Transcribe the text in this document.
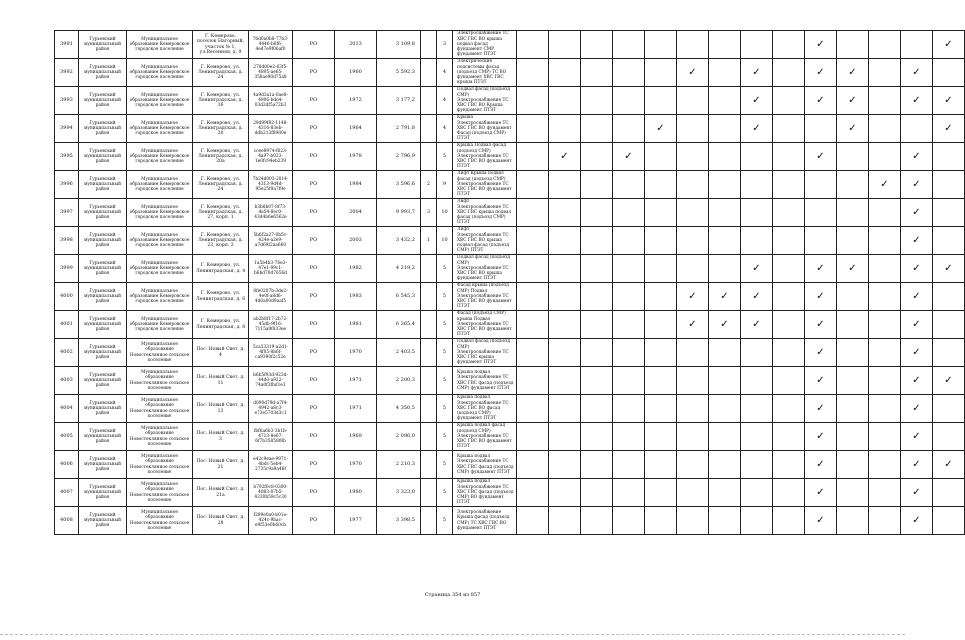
3991	Гурьевский муниципальный район	Муниципальное образование Кемеровское городское поселение	Г. Кемерово, поселок Нагорный, участок № 1, ул.Весенняя, д. 9	76d0a0b8-77b3-4446-b6f6-4ed7e9f06af0	РО	2013	3 109,8		3	Электроснабжение ТС ХВС ГВС ВО крыша подвал фасад фундамент СМР фундамент ПТЭТ										✓				✓
3992	Гурьевский муниципальный район	Муниципальное образование Кемеровское городское поселение	Г. Кемерово, ул. Ленинградская, д. 24	278d00e2-63f5-4895-ae65-358ae90d75a8	РО	1960	5 592,3		4	Электрические подсистемы фасад (подъезд СМР) ТС ВО фундамент ХВС ГВС крыша ПТЭТ						✓		✓		✓	✓		✓	
3993	Гурьевский муниципальный район	Муниципальное образование Кемеровское городское поселение	Г. Кемерово, ул. Ленинградская, д. 16	4a9d3a1a-0ae8-4906-bde4-03d2df5a72b3	РО	1972	3 177,2		4	Подвал фасад (подъезд СМР) Электроснабжение ТС ХВС ГВС ВО Крыша фундамент ПТЭТ								✓		✓	✓		✓	✓
3994	Гурьевский муниципальный район	Муниципальное образование Кемеровское городское поселение	Г. Кемерово, ул. Ленинградская, д. 30	29d99f82-1148-4316-83eb-ddb213f8980e	РО	1964	2 791,8		4	Крыша Электроснабжение ТС ХВС ГВС ВО фундамент Фасад (подъезд СМР) ПТЭТ					✓			✓			✓			✓
3995	Гурьевский муниципальный район	Муниципальное образование Кемеровское городское поселение	Г. Кемерово, ул. Ленинградская, д. 20а	ccee8974-f623-4a97-b023-1e0fc94eb239	РО	1978	2 796,9		5	Крыша Подвал фасад (подъезд СМР) Электроснабжение ТС ХВС ГВС ВО фундамент ПТЭТ		✓		✓						✓			✓	
3996	Гурьевский муниципальный район	Муниципальное образование Кемеровское городское поселение	Г. Кемерово, ул. Ленинградская, д. 24	7b24d003-2814-4313-9d4d-95e25f9a7f9e	РО	1984	3 596,6	2	9	Лифт Крыша подвал фасад (подъезд СМР) Электроснабжение ТС ХВС ГВС ВО фундамент ПТЭТ												✓	✓	
3997	Гурьевский муниципальный район	Муниципальное образование Кемеровское городское поселение	Г. Кемерово, ул. Ленинградская, д. 27, корп. 1	b3b8b07-8f73-4a54-8ec0-43d4b6e6562e	РО	2004	9 993,7	3	10	Лифт Электроснабжение ТС ХВС ГВС крыша подвал фасад (подъезд СМР) ПТЭТ													✓	
3998	Гурьевский муниципальный район	Муниципальное образование Кемеровское городское поселение	Г. Кемерово, ул. Ленинградская, д. 23, корп. 3	5b6f2a27-0b5c-424e-a2e9-a7d69f2aa660	РО	2003	3 432,2	1	10	Лифт Электроснабжение ТС ХВС ГВС ВО крыша подвал фасад (подъезд СМР) ПТЭТ													✓	
3999	Гурьевский муниципальный район	Муниципальное образование Кемеровское городское поселение	Г. Кемерово, ул. Ленинградская, д. 4	1a5b4b3-76e3-47e1-99c1-b6bd70d7656d	РО	1982	4 219,2		5	Подвал фасад (подъезд СМР) Электроснабжение ТС ХВС ГВС ВО крыша фундамент ПТЭТ								✓		✓	✓		✓	✓
4000	Гурьевский муниципальный район	Муниципальное образование Кемеровское городское поселение	Г. Кемерово, ул. Ленинградская, д. 6	0fe0207b-3de2-4e0f-a8d6-4d0a00d9aaf5	РО	1983	6 545,3		5	Фасад крыша (подъезд СМР) Подвал Электроснабжение ТС ХВС ГВС ВО фундамент ПТЭТ						✓	✓	✓		✓			✓	
4001	Гурьевский муниципальный район	Муниципальное образование Кемеровское городское поселение	Г. Кемерово, ул. Ленинградская, д. 8	ab2b8f17-2b72-45db-9f16-7115a9f833ee	РО	1981	6 365,4		5	Фасад (подъезд СМР) крыша Подвал Электроснабжение ТС ХВС ГВС ВО фундамент ПТЭТ						✓	✓	✓		✓			✓	
4002	Гурьевский муниципальный район	Муниципальное образование Новостеклянное сельское поселение	Пос. Новый Свет, д. 4	5ca33319-a2d1-4f05-8b6f-ca9390f2c52e	РО	1970	2 403,5		5	Подвал фасад (подъезд СМР) Электроснабжение ТС ХВС ГВС крыша фундамент ПТЭТ										✓			✓	
4003	Гурьевский муниципальный район	Муниципальное образование Новостеклянное сельское поселение	Пос. Новый Свет, д. 11	b6b5f93d-923d-44d0-a922-74a0f3fbd1e3	РО	1971	2 200,3		5	Крыша подвал Электроснабжение ТС ХВС ГВС фасад (подъезд СМР) фундамент ПТЭТ										✓			✓	✓
4004	Гурьевский муниципальный район	Муниципальное образование Новостеклянное сельское поселение	Пос. Новый Свет, д. 13	d090d79d-a7f4-4942-a8c3-e73e5703d3c1	РО	1971	4 350,5		5	Крыша подвал Электроснабжение ТС ХВС ГВС ВО фасад (подъезд СМР) фундамент ПТЭТ										✓			✓	
4005	Гурьевский муниципальный район	Муниципальное образование Новостеклянное сельское поселение	Пос. Новый Свет, д. 3	fbf6a6b3-3b1b-4713-8e67-6f7b35858f8b	РО	1969	2 096,0		5	Крыша подвал фасад (подъезд СМР) Электроснабжение ТС ХВС ГВС ВО фундамент ПТЭТ										✓			✓	
4006	Гурьевский муниципальный район	Муниципальное образование Новостеклянное сельское поселение	Пос. Новый Свет, д. 21	e42c9eae-9971-4bdc-5eb4-2735c9a9a46f	РО	1970	2 210,3		5	Крыша подвал Электроснабжение ТС ХВС ГВС фасад (подъезд СМР) фундамент ПТЭТ										✓			✓	✓
4007	Гурьевский муниципальный район	Муниципальное образование Новостеклянное сельское поселение	Пос. Новый Свет, д. 21а	b792f0c8-0300-4083-87b5-4330b59c5c30	РО	1980	3 323,0		5	Крыша подвал Электроснабжение ТС ХВС ГВС фасад (подъезд СМР) ВО фундамент ПТЭТ										✓			✓	
4008	Гурьевский муниципальный район	Муниципальное образование Новостеклянное сельское поселение	Пос. Новый Свет, д. 28	f299e0a0-b01e-424c-9bac-e9f53e0b60cb	РО	1977	3 398,5		5	Электроснабжение Крыша фасад (подъезд СМР) ТС ХВС ГВС ВО фундамент ПТЭТ										✓			✓	
Страница 354 из 857
